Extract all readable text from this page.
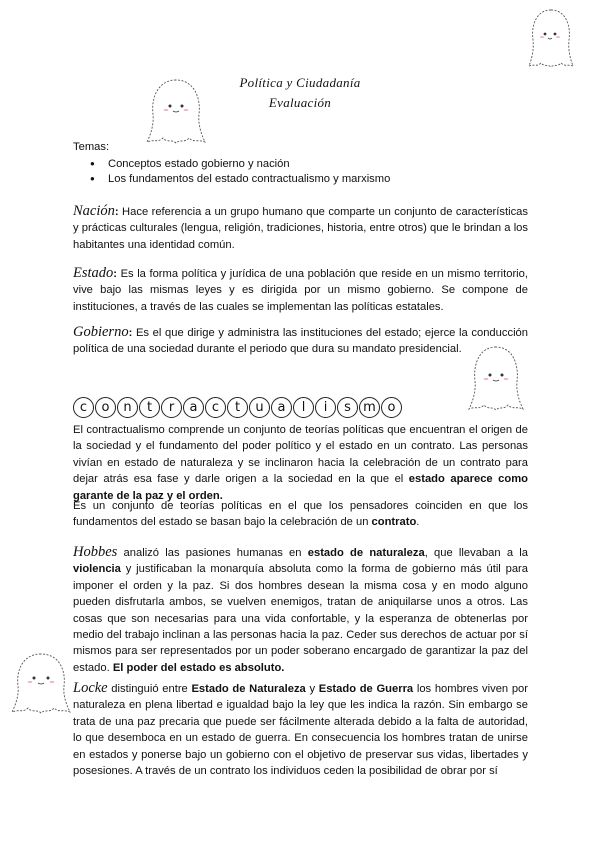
Política y Ciudadanía
Evaluación
Temas:
● Conceptos estado gobierno y nación
● Los fundamentos del estado contractualismo y marxismo
Nación: Hace referencia a un grupo humano que comparte un conjunto de características y prácticas culturales (lengua, religión, tradiciones, historia, entre otros) que le brindan a los habitantes una identidad común.
Estado: Es la forma política y jurídica de una población que reside en un mismo territorio, vive bajo las mismas leyes y es dirigida por un mismo gobierno. Se compone de instituciones, a través de las cuales se implementan las políticas estatales.
Gobierno: Es el que dirige y administra las instituciones del estado; ejerce la conducción política de una sociedad durante el periodo que dura su mandato presidencial.
c	o	n	t	r	a	c	t	u	a	l	i	s m o
El contractualismo comprende un conjunto de teorías políticas que encuentran el origen de la sociedad y el fundamento del poder político y el estado en un contrato. Las personas vivían en estado de naturaleza y se inclinaron hacia la celebración de un contrato para dejar atrás esa fase y darle origen a la sociedad en la que el estado aparece como garante de la paz y el orden.
Es un conjunto de teorías políticas en el que los pensadores coinciden en que los fundamentos del estado se basan bajo la celebración de un contrato.
Hobbes analizó las pasiones humanas en estado de naturaleza, que llevaban a la violencia y justificaban la monarquía absoluta como la forma de gobierno más útil para imponer el orden y la paz. Si dos hombres desean la misma cosa y en modo alguno pueden disfrutarla ambos, se vuelven enemigos, tratan de aniquilarse unos a otros. Las cosas que son necesarias para una vida confortable, y la esperanza de obtenerlas por medio del trabajo inclinan a las personas hacia la paz. Ceder sus derechos de actuar por sí mismos para ser representados por un poder soberano encargado de garantizar la paz del estado. El poder del estado es absoluto.
Locke distinguió entre Estado de Naturaleza y Estado de Guerra los hombres viven por naturaleza en plena libertad e igualdad bajo la ley que les indica la razón. Sin embargo se trata de una paz precaria que puede ser fácilmente alterada debido a la falta de autoridad, lo que desemboca en un estado de guerra. En consecuencia los hombres tratan de unirse en estados y ponerse bajo un gobierno con el objetivo de preservar sus vidas, libertades y posesiones. A través de un contrato los individuos ceden la posibilidad de obrar por sí
